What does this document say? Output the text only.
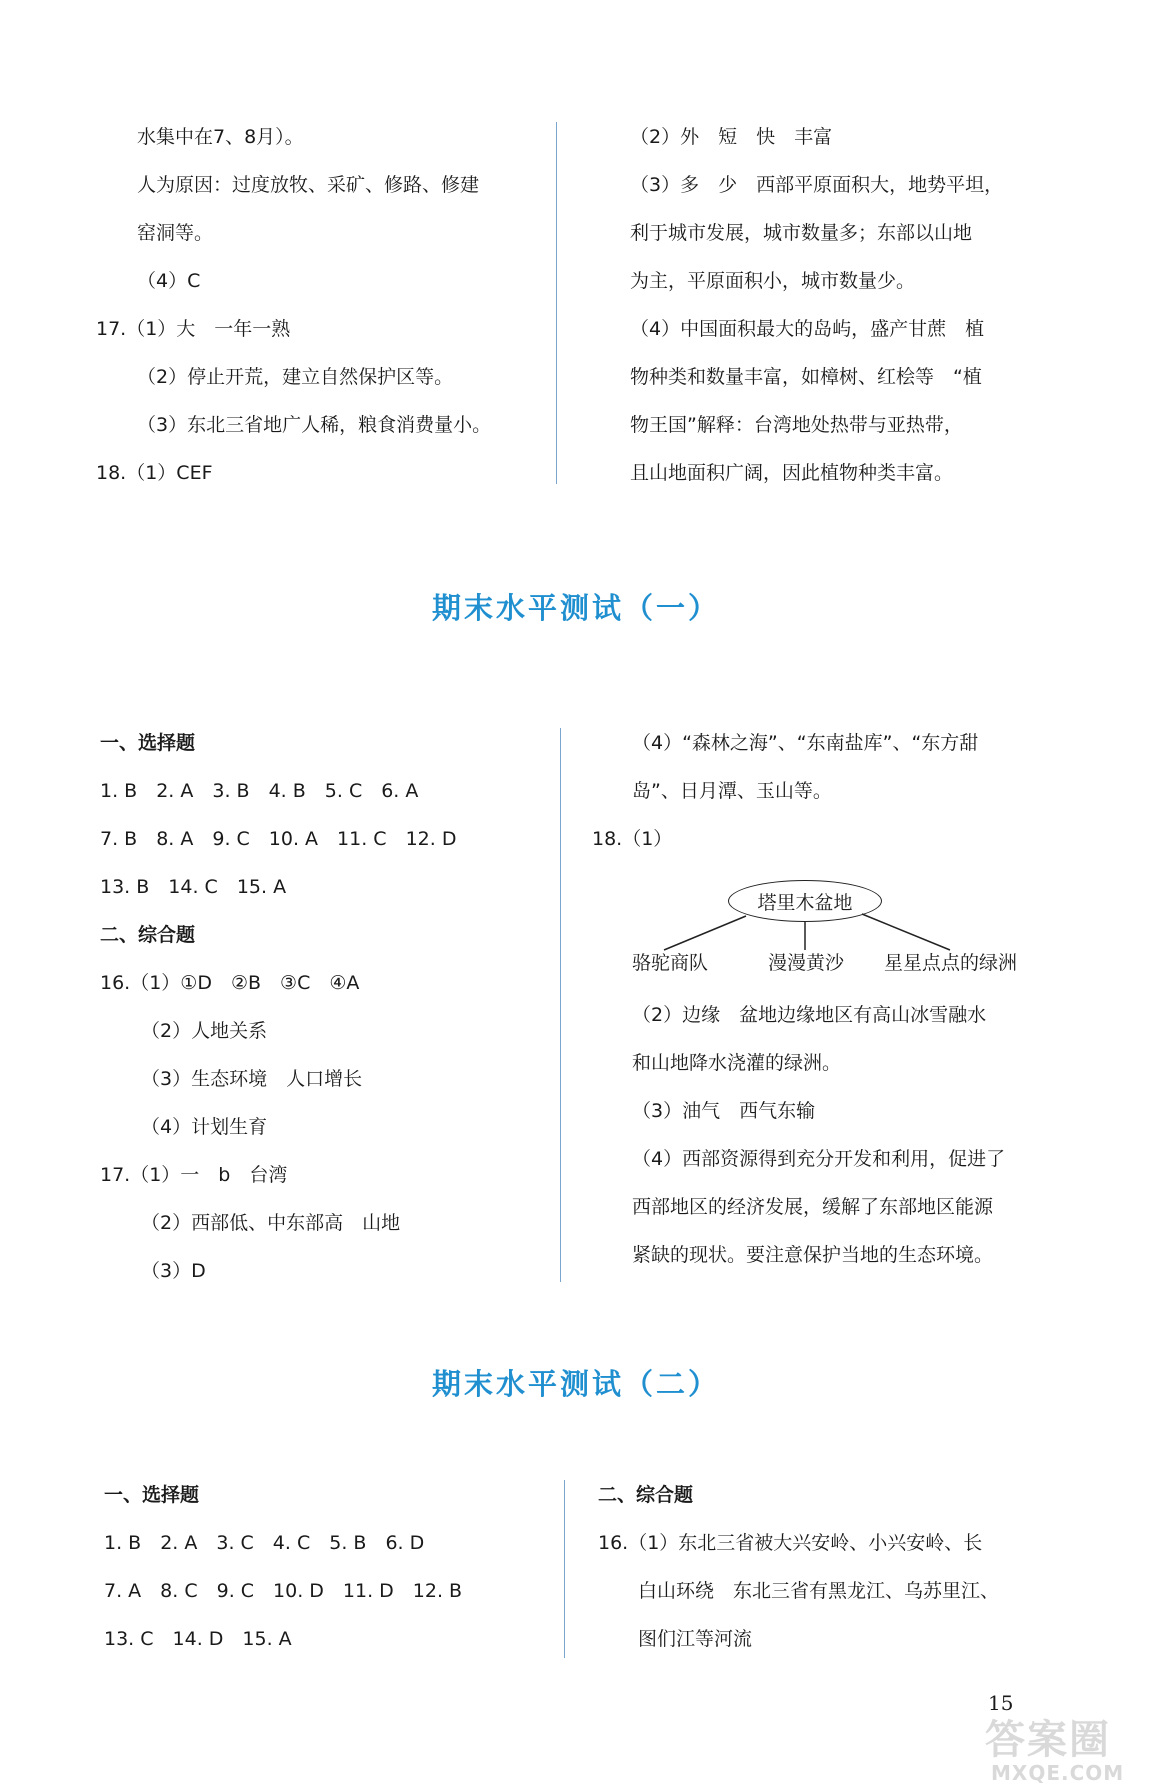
水集中在7、8月）。
人为原因：过度放牧、采矿、修路、修建
窑洞等。
（4）C
17.（1）大　一年一熟
（2）停止开荒，建立自然保护区等。
（3）东北三省地广人稀，粮食消费量小。
18.（1）CEF
（2）外　短　快　丰富
（3）多　少　西部平原面积大，地势平坦，
利于城市发展，城市数量多；东部以山地
为主，平原面积小，城市数量少。
（4）中国面积最大的岛屿，盛产甘蔗　植
物种类和数量丰富，如樟树、红桧等　“植
物王国”解释：台湾地处热带与亚热带，
且山地面积广阔，因此植物种类丰富。
期末水平测试（一）
一、选择题
1. B　2. A　3. B　4. B　5. C　6. A
7. B　8. A　9. C　10. A　11. C　12. D
13. B　14. C　15. A
二、综合题
16.（1）①D　②B　③C　④A
（2）人地关系
（3）生态环境　人口增长
（4）计划生育
17.（1）一　b　台湾
（2）西部低、中东部高　山地
（3）D
（4）“森林之海”、“东南盐库”、“东方甜
岛”、日月潭、玉山等。
18.（1）
塔里木盆地
骆驼商队	漫漫黄沙 星星点点的绿洲
（2）边缘　盆地边缘地区有高山冰雪融水
和山地降水浇灌的绿洲。
（3）油气　西气东输
（4）西部资源得到充分开发和利用，促进了
西部地区的经济发展，缓解了东部地区能源
紧缺的现状。要注意保护当地的生态环境。
期末水平测试（二）
一、选择题
1. B　2. A　3. C　4. C　5. B　6. D
7. A　8. C　9. C　10. D　11. D　12. B
13. C　14. D　15. A
二、综合题
16.（1）东北三省被大兴安岭、小兴安岭、长
白山环绕　东北三省有黑龙江、乌苏里江、
图们江等河流
15
答案圈
MXQE.COM
